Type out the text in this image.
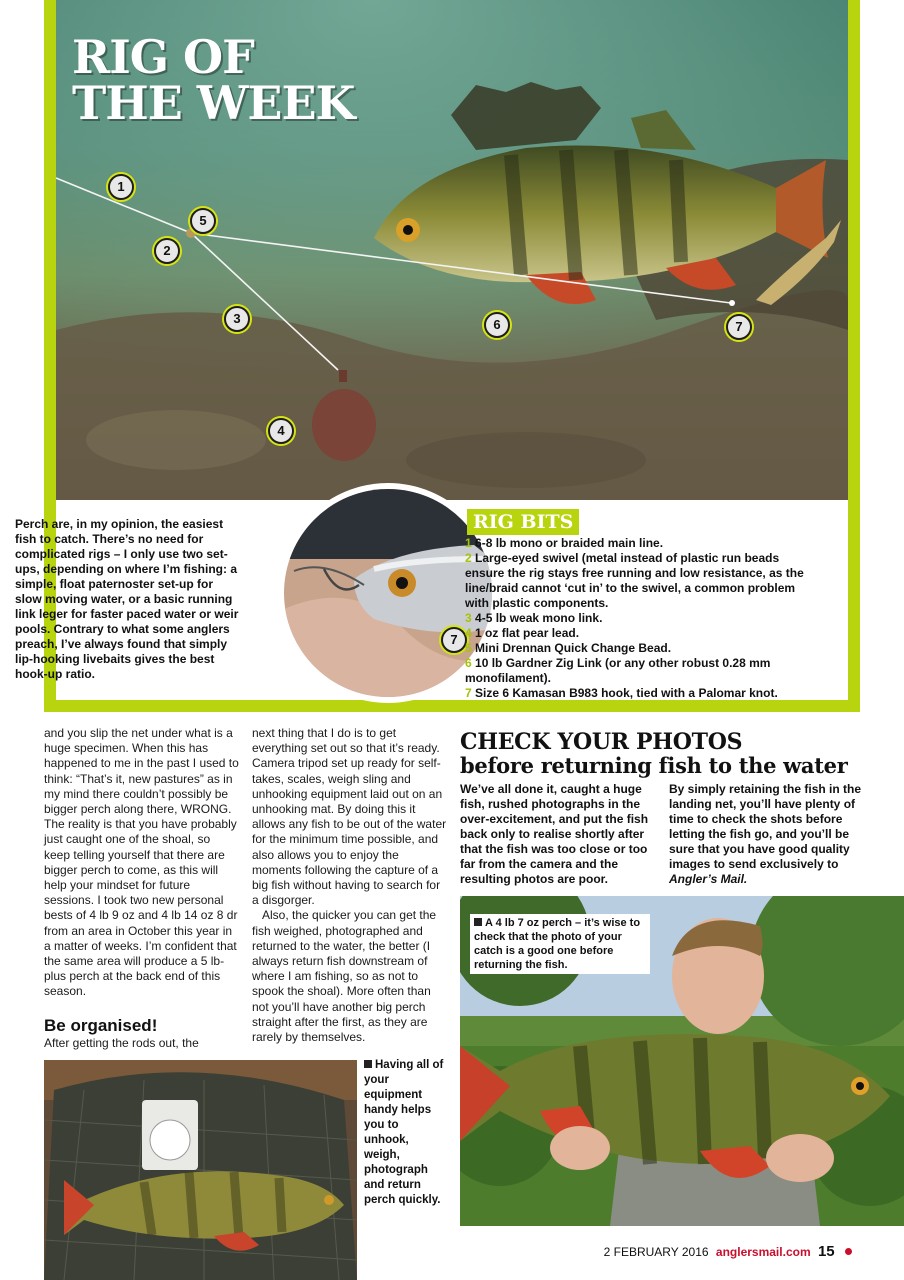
RIG OF
THE WEEK
1
2
3
4
5
6	7

Perch are, in my opinion, the easiest fish to catch. There’s no need for complicated rigs – I only use two set-ups, depending on where I’m fishing: a simple, float paternoster set-up for slow moving water, or a basic running link leger for faster paced water or weir pools. Contrary to what some anglers preach, I’ve always found that simply lip-hooking livebaits gives the best hook-up ratio.

7
RIG BITS
1 6-8 lb mono or braided main line.
2 Large-eyed swivel (metal instead of plastic run beads ensure the rig stays free running and low resistance, as the line/braid cannot ‘cut in’ to the swivel, a common problem with plastic components.
3 4-5 lb weak mono link.
4 1 oz flat pear lead.
5 Mini Drennan Quick Change Bead.
6 10 lb Gardner Zig Link (or any other robust 0.28 mm monofilament).
7 Size 6 Kamasan B983 hook, tied with a Palomar knot.

and you slip the net under what is a huge specimen. When this has happened to me in the past I used to think: “That’s it, new pastures” as in my mind there couldn’t possibly be bigger perch along there, WRONG. The reality is that you have probably just caught one of the shoal, so keep telling yourself that there are bigger perch to come, as this will help your mindset for future sessions. I took two new personal bests of 4 lb 9 oz and 4 lb 14 oz 8 dr from an area in October this year in a matter of weeks. I’m confident that the same area will produce a 5 lb-plus perch at the back end of this season.

Be organised!

After getting the rods out, the

next thing that I do is to get everything set out so that it’s ready. Camera tripod set up ready for self-takes, scales, weigh sling and unhooking equipment laid out on an unhooking mat. By doing this it allows any fish to be out of the water for the minimum time possible, and also allows you to enjoy the moments following the capture of a big fish without having to search for a disgorger.

Also, the quicker you can get the fish weighed, photographed and returned to the water, the better (I always return fish downstream of where I am fishing, so as not to spook the shoal). More often than not you’ll have another big perch straight after the first, as they are rarely by themselves.

CHECK YOUR PHOTOS
before returning fish to the water

We’ve all done it, caught a huge fish, rushed photographs in the over-excitement, and put the fish back only to realise shortly after that the fish was too close or too far from the camera and the resulting photos are poor.

By simply retaining the fish in the landing net, you’ll have plenty of time to check the shots before letting the fish go, and you’ll be sure that you have good quality images to send exclusively to Angler’s Mail.

A 4 lb 7 oz perch – it’s wise to check that the photo of your catch is a good one before returning the fish.

Having all of your equipment handy helps you to unhook, weigh, photograph and return perch quickly.

2 FEBRUARY 2016 anglersmail.com 15
